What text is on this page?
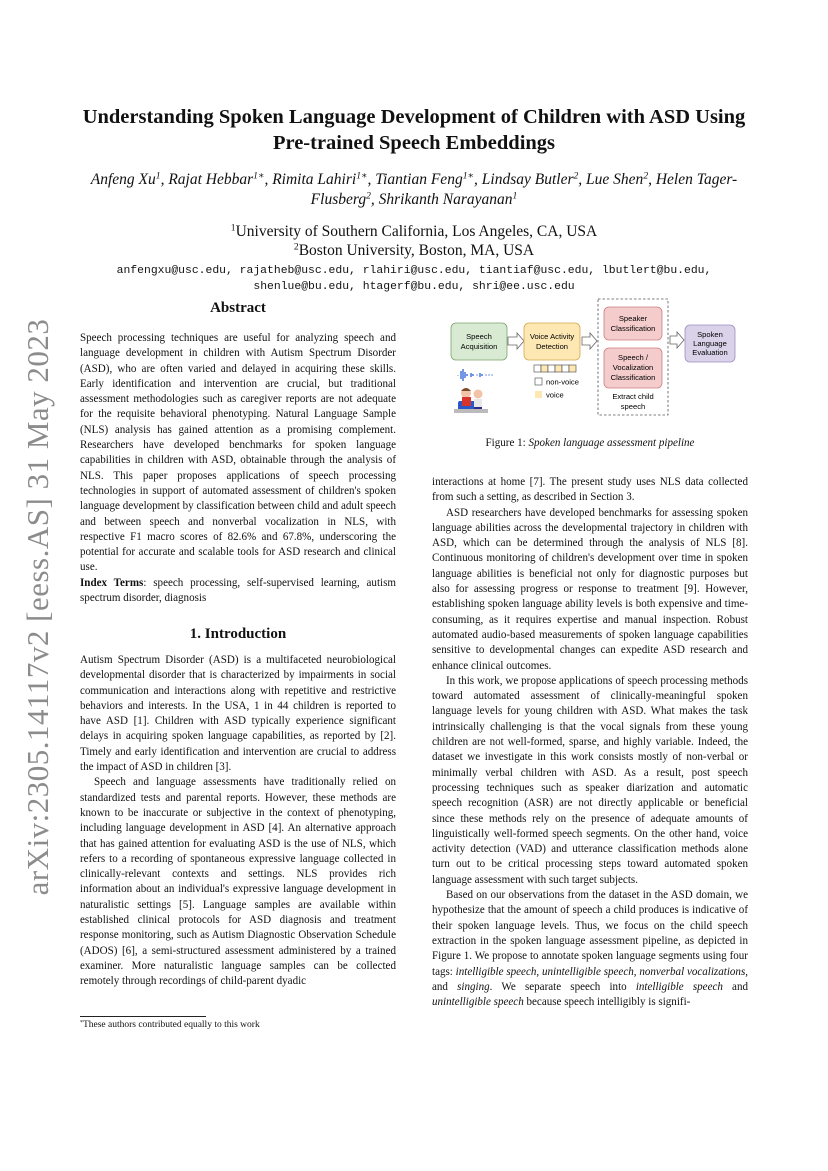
arXiv:2305.14117v2 [eess.AS] 31 May 2023
Understanding Spoken Language Development of Children with ASD Using
Pre-trained Speech Embeddings
Anfeng Xu$^1$, Rajat Hebbar$^{1∗}$, Rimita Lahiri$^{1∗}$, Tiantian Feng$^{1∗}$, Lindsay Butler$^2$, Lue Shen$^2$, Helen Tager-Flusberg$^2$, Shrikanth Narayanan$^1$
$^1$University of Southern California, Los Angeles, CA, USA
$^2$Boston University, Boston, MA, USA
anfengxu@usc.edu, rajatheb@usc.edu, rlahiri@usc.edu, tiantiaf@usc.edu, lbutlert@bu.edu,
shenlue@bu.edu, htagerf@bu.edu, shri@ee.usc.edu
Abstract

Speech processing techniques are useful for analyzing speech and language development in children with Autism Spectrum Disorder (ASD), who are often varied and delayed in acquiring these skills. Early identification and intervention are crucial, but traditional assessment methodologies such as caregiver reports are not adequate for the requisite behavioral phenotyping. Natural Language Sample (NLS) analysis has gained attention as a promising complement. Researchers have developed benchmarks for spoken language capabilities in children with ASD, obtainable through the analysis of NLS. This paper proposes applications of speech processing technologies in support of automated assessment of children's spoken language development by classification between child and adult speech and between speech and nonverbal vocalization in NLS, with respective F1 macro scores of 82.6% and 67.8%, underscoring the potential for accurate and scalable tools for ASD research and clinical use.

Index Terms: speech processing, self-supervised learning, autism spectrum disorder, diagnosis

1. Introduction

Autism Spectrum Disorder (ASD) is a multifaceted neurobiological developmental disorder that is characterized by impairments in social communication and interactions along with repetitive and restrictive behaviors and interests. In the USA, 1 in 44 children is reported to have ASD [1]. Children with ASD typically experience significant delays in acquiring spoken language capabilities, as reported by [2]. Timely and early identification and intervention are crucial to address the impact of ASD in children [3].

Speech and language assessments have traditionally relied on standardized tests and parental reports. However, these methods are known to be inaccurate or subjective in the context of phenotyping, including language development in ASD [4]. An alternative approach that has gained attention for evaluating ASD is the use of NLS, which refers to a recording of spontaneous expressive language collected in clinically-relevant contexts and settings. NLS provides rich information about an individual's expressive language development in naturalistic settings [5]. Language samples are available within established clinical protocols for ASD diagnosis and treatment response monitoring, such as Autism Diagnostic Observation Schedule (ADOS) [6], a semi-structured assessment administered by a trained examiner. More naturalistic language samples can be collected remotely through recordings of child-parent dyadic

*These authors contributed equally to this work
Speech
Acquisition
Voice Activity
Detection
Speaker
Classification
Speech /
Vocalization
Classification
Extract child
speech
Spoken
Language
Evaluation
non-voice
voice
Figure 1: Spoken language assessment pipeline

interactions at home [7]. The present study uses NLS data collected from such a setting, as described in Section 3.

ASD researchers have developed benchmarks for assessing spoken language abilities across the developmental trajectory in children with ASD, which can be determined through the analysis of NLS [8]. Continuous monitoring of children's development over time in spoken language abilities is beneficial not only for diagnostic purposes but also for assessing progress or response to treatment [9]. However, establishing spoken language ability levels is both expensive and time-consuming, as it requires expertise and manual inspection. Robust automated audio-based measurements of spoken language capabilities sensitive to developmental changes can expedite ASD research and enhance clinical outcomes.

In this work, we propose applications of speech processing methods toward automated assessment of clinically-meaningful spoken language levels for young children with ASD. What makes the task intrinsically challenging is that the vocal signals from these young children are not well-formed, sparse, and highly variable. Indeed, the dataset we investigate in this work consists mostly of non-verbal or minimally verbal children with ASD. As a result, post speech processing techniques such as speaker diarization and automatic speech recognition (ASR) are not directly applicable or beneficial since these methods rely on the presence of adequate amounts of linguistically well-formed speech segments. On the other hand, voice activity detection (VAD) and utterance classification methods alone turn out to be critical processing steps toward automated spoken language assessment with such target subjects.

Based on our observations from the dataset in the ASD domain, we hypothesize that the amount of speech a child produces is indicative of their spoken language levels. Thus, we focus on the child speech extraction in the spoken language assessment pipeline, as depicted in Figure 1. We propose to annotate spoken language segments using four tags: intelligible speech, unintelligible speech, nonverbal vocalizations, and singing. We separate speech into intelligible speech and unintelligible speech because speech intelligibly is signifi-
